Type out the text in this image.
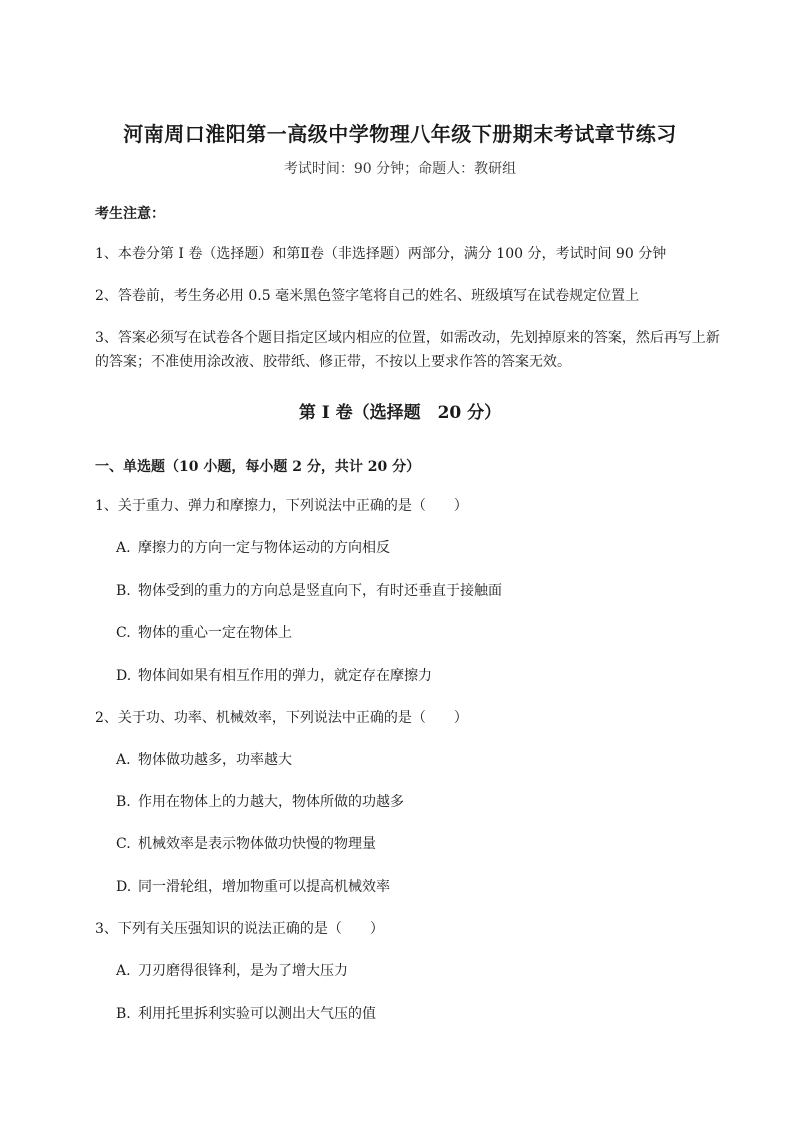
河南周口淮阳第一高级中学物理八年级下册期末考试章节练习
考试时间：90 分钟；命题人：教研组
考生注意：
1、本卷分第 I 卷（选择题）和第Ⅱ卷（非选择题）两部分，满分 100 分，考试时间 90 分钟
2、答卷前，考生务必用 0.5 毫米黑色签字笔将自己的姓名、班级填写在试卷规定位置上
3、答案必须写在试卷各个题目指定区域内相应的位置，如需改动，先划掉原来的答案，然后再写上新的答案；不准使用涂改液、胶带纸、修正带，不按以上要求作答的答案无效。
第 I 卷（选择题　20 分）
一、单选题（10 小题，每小题 2 分，共计 20 分）
1、关于重力、弹力和摩擦力，下列说法中正确的是（　　）
A. 摩擦力的方向一定与物体运动的方向相反
B. 物体受到的重力的方向总是竖直向下，有时还垂直于接触面
C. 物体的重心一定在物体上
D. 物体间如果有相互作用的弹力，就定存在摩擦力
2、关于功、功率、机械效率，下列说法中正确的是（　　）
A. 物体做功越多，功率越大
B. 作用在物体上的力越大，物体所做的功越多
C. 机械效率是表示物体做功快慢的物理量
D. 同一滑轮组，增加物重可以提高机械效率
3、下列有关压强知识的说法正确的是（　　）
A. 刀刃磨得很锋利，是为了增大压力
B. 利用托里拆利实验可以测出大气压的值
